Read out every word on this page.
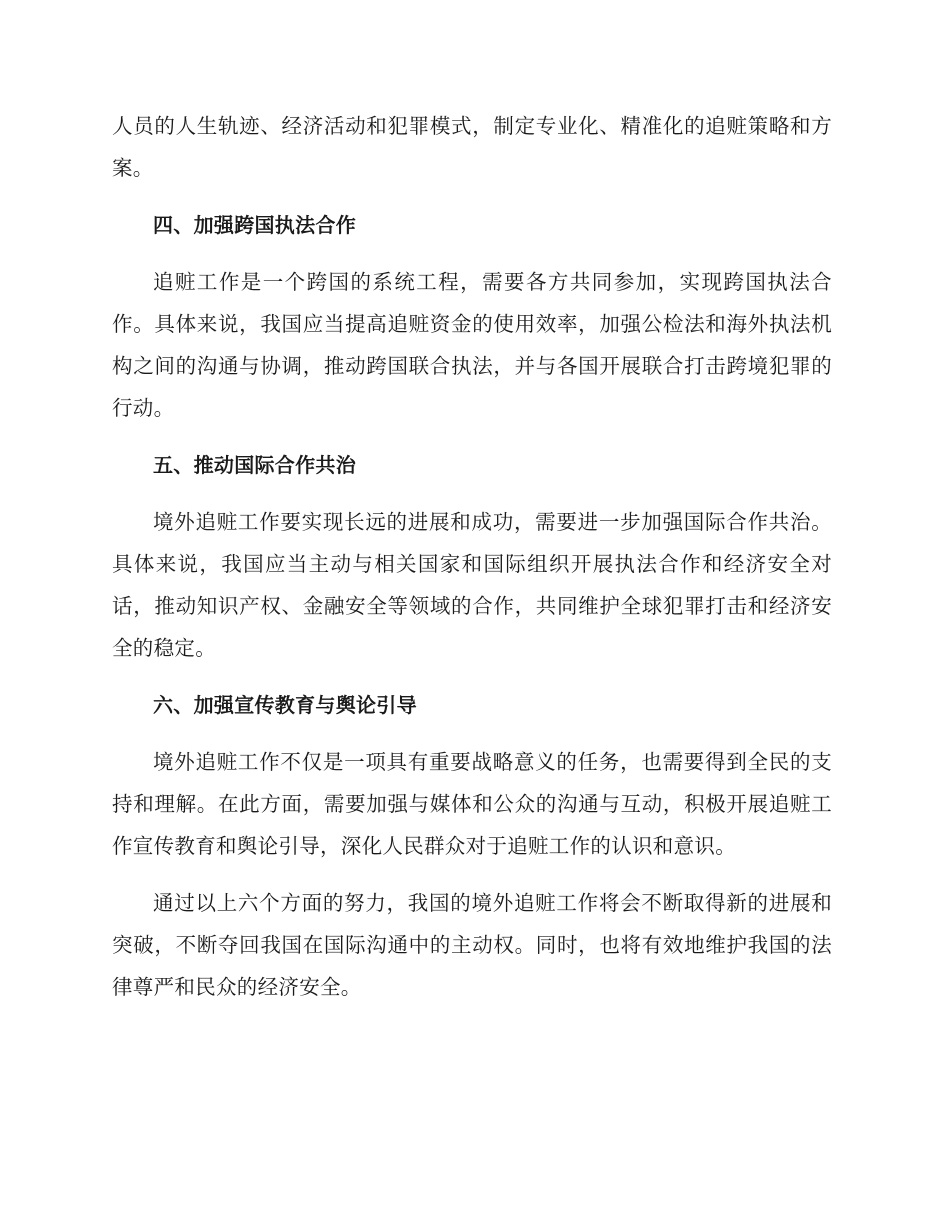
人员的人生轨迹、经济活动和犯罪模式，制定专业化、精准化的追赃策略和方案。

四、加强跨国执法合作

追赃工作是一个跨国的系统工程，需要各方共同参加，实现跨国执法合作。具体来说，我国应当提高追赃资金的使用效率，加强公检法和海外执法机构之间的沟通与协调，推动跨国联合执法，并与各国开展联合打击跨境犯罪的行动。

五、推动国际合作共治

境外追赃工作要实现长远的进展和成功，需要进一步加强国际合作共治。具体来说，我国应当主动与相关国家和国际组织开展执法合作和经济安全对话，推动知识产权、金融安全等领域的合作，共同维护全球犯罪打击和经济安全的稳定。

六、加强宣传教育与舆论引导

境外追赃工作不仅是一项具有重要战略意义的任务，也需要得到全民的支持和理解。在此方面，需要加强与媒体和公众的沟通与互动，积极开展追赃工作宣传教育和舆论引导，深化人民群众对于追赃工作的认识和意识。

通过以上六个方面的努力，我国的境外追赃工作将会不断取得新的进展和突破，不断夺回我国在国际沟通中的主动权。同时，也将有效地维护我国的法律尊严和民众的经济安全。
